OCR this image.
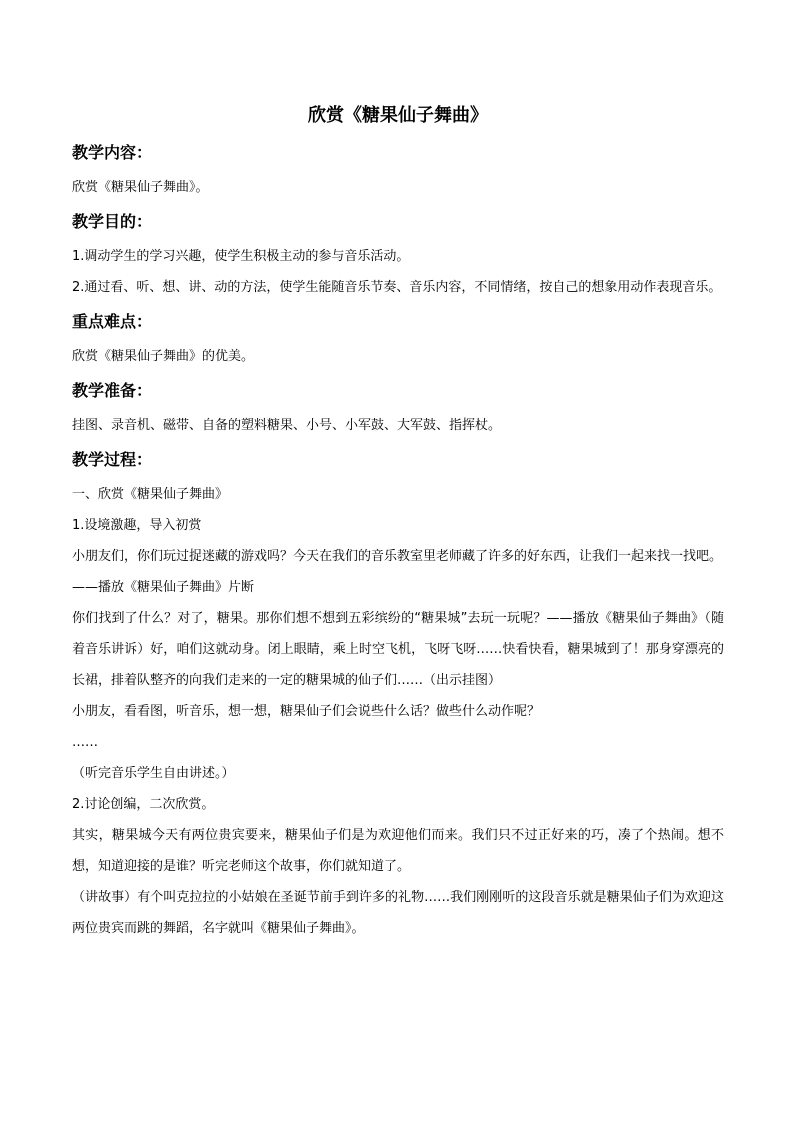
欣赏《糖果仙子舞曲》
教学内容：

欣赏《糖果仙子舞曲》。

教学目的：

1.调动学生的学习兴趣，使学生积极主动的参与音乐活动。

2.通过看、听、想、讲、动的方法，使学生能随音乐节奏、音乐内容，不同情绪，按自己的想象用动作表现音乐。

重点难点：

欣赏《糖果仙子舞曲》的优美。

教学准备：

挂图、录音机、磁带、自备的塑料糖果、小号、小军鼓、大军鼓、指挥杖。

教学过程：

一、欣赏《糖果仙子舞曲》

1.设境激趣，导入初赏

小朋友们，你们玩过捉迷藏的游戏吗？今天在我们的音乐教室里老师藏了许多的好东西，让我们一起来找一找吧。

——播放《糖果仙子舞曲》片断

你们找到了什么？对了，糖果。那你们想不想到五彩缤纷的“糖果城”去玩一玩呢？——播放《糖果仙子舞曲》（随着音乐讲诉）好，咱们这就动身。闭上眼睛，乘上时空飞机，飞呀飞呀……快看快看，糖果城到了！那身穿漂亮的长裙，排着队整齐的向我们走来的一定的糖果城的仙子们……（出示挂图）

小朋友，看看图，听音乐，想一想，糖果仙子们会说些什么话？做些什么动作呢？

……

（听完音乐学生自由讲述。）

2.讨论创编，二次欣赏。

其实，糖果城今天有两位贵宾要来，糖果仙子们是为欢迎他们而来。我们只不过正好来的巧，凑了个热闹。想不想，知道迎接的是谁？听完老师这个故事，你们就知道了。

（讲故事）有个叫克拉拉的小姑娘在圣诞节前手到许多的礼物……我们刚刚听的这段音乐就是糖果仙子们为欢迎这两位贵宾而跳的舞蹈，名字就叫《糖果仙子舞曲》。
